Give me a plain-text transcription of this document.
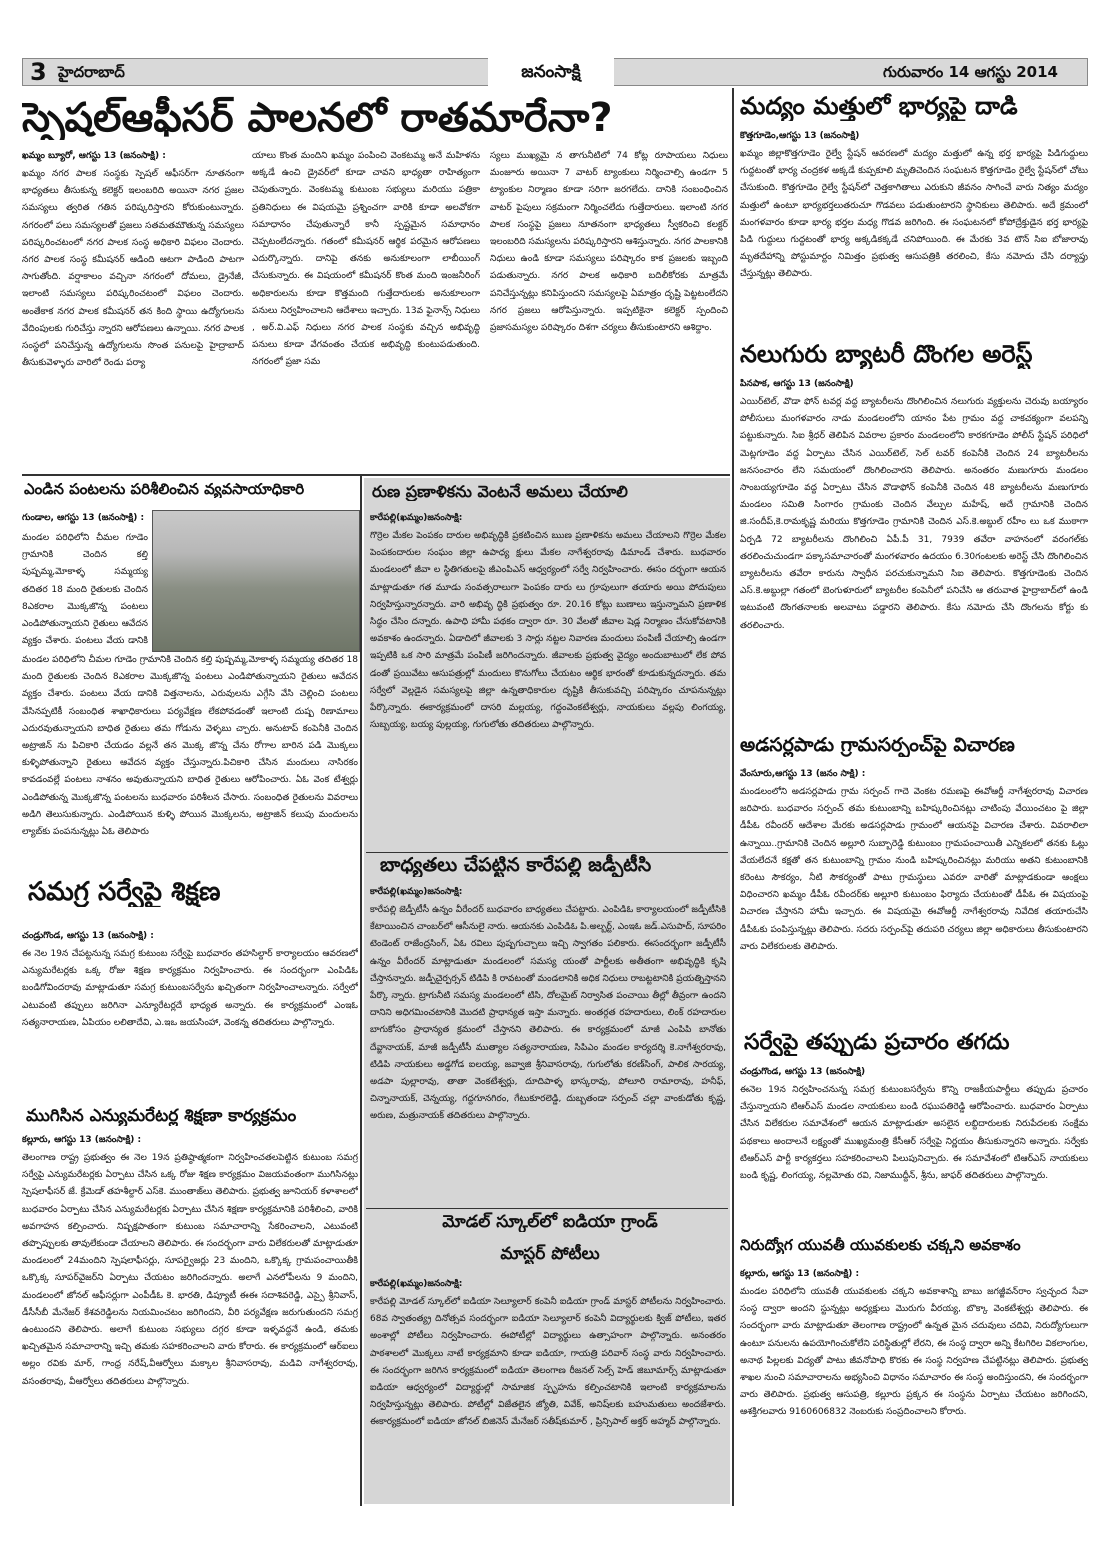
3 హైదరాబాద్	జనంసాక్షి	గురువారం 14 ఆగస్టు 2014
స్పెషల్‌ఆఫీసర్‌ పాలనలో రాతమారేనా?
ఖమ్మం బ్యూరో, ఆగస్టు 13 (జనంసాక్షి) :
ఖమ్మం నగర పాలక సంస్థకు స్పెషల్‌ ఆఫీసర్‌గా నూతనంగా భాధ్యతలు తీసుకున్న కలెక్టర్‌ ఇలంబరిది అయినా నగర ప్రజల సమస్యలు త్వరిత గతిన పరిష్కరిస్తారని కోరుకుంటున్నారు. నగరంలో పలు సమస్యలతో ప్రజలు సతమతమౌతున్న సమస్యలు పరిష్కరించటంలో నగర పాలక సంస్థ అధికారి విఫలం చెందారు. నగర పాలక సంస్థ కమీషనర్‌ ఆడింది ఆటగా పాడింది పాటగా సాగుతోంది. వర్షాకాలం వచ్చినా నగరంలో దోమలు, డ్రైనేజీ, ఇలాంటి సమస్యలు పరిష్కరించటంలో విఫలం చెందారు. అంతేకాక నగర పాలక కమీషనర్‌ తన కింది స్థాయి ఉద్యోగులను వేదింపులకు గురిచేస్తు న్నారని ఆరోపణలు ఉన్నాయి. నగర పాలక సంస్థలో పనిచేస్తున్న ఉద్యోగులను సొంత పనులపై హైద్రాబాద్‌ తీసుకువెళ్ళారు వారిలో రెండు పర్యా
యాలు కొంత మందిని ఖమ్మం పంపించి వెంకటమ్మ అనే మహిళను అక్కడే ఉంచి డ్రైవర్‌లో కూడా చావని భాధ్యతా రాహిత్యంగా చెపుతున్నారు. వెంకటమ్మ కుటుంబ సభ్యులు మరియు పత్రికా ప్రతినిధులు ఈ విషయమై ప్రశ్నించగా వారికి కూడా అలవోకగా సమాధానం చేపుతున్నారే కానీ స్పష్టమైన సమాధానం చెప్పటంలేదన్నారు. గతంలో కమీషనర్‌ ఆర్థిక పరమైన ఆరోపణలు ఎదుర్కొన్నారు. దానిపై తనకు అనుకూలంగా లాబీయింగ్‌ చేసుకున్నారు. ఈ విషయంలో కమీషనర్‌ కొంత మంది ఇంజనీరింగ్‌ అధికారులను కూడా కొత్తమంది గుత్తేదారులకు అనుకూలంగా పనులు నిర్వహించాలని ఆదేశాలు ఇచ్చారు. 13వ ఫైనాన్స్‌ నిధులు , అర్‌.వి.ఎఫ్‌ నిధులు నగర పాలక సంస్థకు వచ్చిన అభివృద్ధి పనులు కూడా వేగవంతం చేయక అభివృద్ది కుంటుపడుతుంది. నగరంలో ప్రజా సమ
స్యలు ముఖ్యమై న తాగునీటిలో 74 కోట్ల రూపాయలు నిధులు మంజూరు అయినా 7 వాటర్‌ ట్యాంకులు నిర్మించాల్సి ఉండగా 5 ట్యాంకుల నిర్మాణం కూడా సరిగా జరగలేదు. దానికి సంబంధించిన వాటర్‌ పైపులు సక్రమంగా నిర్మించలేదు గుత్తేదారులు. ఇలాంటి నగర పాలక సంస్థపై ప్రజలు నూతనంగా భాధ్యతలు స్వీకరించి కలక్టర్‌ ఇలంబరిది సమస్యలను పరిష్కరిస్తారని ఆశిస్తున్నారు. నగర పాలకానికి నిధులు ఉండి కూడా సమస్యలు పరిష్కారం కాక ప్రజలకు ఇబ్బంది పడుతున్నారు. నగర పాలక అధికారి బదిలీకోరకు మాత్రమే పనిచేస్తున్నట్లు కనిపిస్తుందని సమస్యలపై ఏమాత్రం దృష్టి పెట్టటంలేదని నగర ప్రజలు ఆరోపిస్తున్నారు. ఇప్పటికైనా కలెక్టర్‌ స్పందించి ప్రజాసమస్యల పరిష్కారం దిశగా చర్యలు తీసుకుంటారని ఆశిద్దాం.
ఎండిన పంటలను పరిశీలించిన వ్యవసాయాధికారి
గుండాల, ఆగస్టు 13 (జనంసాక్షి) :
మండల పరిధిలోని చీమల గూడెం గ్రామానికి చెందిన కల్తి పుష్పమ్మ,మోకాళ్ళ సమ్మయ్య తదితర 18 మంది రైతులకు చెందిన 8ఎకరాల మొక్కజొన్న పంటలు ఎండిపోతున్నాయని రైతులు ఆవేదన వ్యక్తం చేశారు. పంటలు వేయ డానికి
మండల పరిధిలోని చీమల గూడెం గ్రామానికి చెందిన కల్తి పుష్పమ్మ,మోకాళ్ళ సమ్మయ్య తదితర 18 మంది రైతులకు చెందిన 8ఎకరాల మొక్కజొన్న పంటలు ఎండిపోతున్నాయని రైతులు ఆవేదన వ్యక్తం చేశారు. పంటలు వేయ డానికి విత్తనాలను, ఎరువులను ఎగ్గేసి వేసి చెల్లించి పంటలు వేసినప్పటికీ సంబంధిత శాఖాధికారులు పర్యవేక్షణ లేకపోవడంతో ఇలాంటి దుష్ప రిణామాలు ఎదురవుతున్నాయని బాధిత రైతులు తమ గోడును వెళ్ళబు చ్చారు. అనుటాప్‌ కంపెనీకి చెందిన అట్రాజిన్‌ ను పిచికారి చేయడం వల్లనే తన మొక్క జొన్న చేను రోగాల బారిన పడి మొక్కలు కుళ్ళిపోతున్నాని రైతులు ఆవేదన వ్యక్తం చేస్తున్నారు.పిచికారి చేసిన మందులు నాసిరకం కావడంవల్లే పంటలు నాశనం అవుతున్నాయని బాధిత రైతులు ఆరోపించారు. ఏఓ వెంక టేశ్వర్లు ఎండిపోతున్న మొక్కజొన్న పంటలను బుధవారం పరిశీలన చేసారు. సంబంధిత రైతులను వివరాలు అడిగి తెలుసుకున్నారు. ఎండిపోయిన కుళ్ళి పోయిన మొక్కలను, అట్రాజిన్‌ కలుపు మందులను ల్యాబ్‌కు పంపనున్నట్లు ఏఓ తెలిపారు
సమగ్ర సర్వేపై శిక్షణ
చండ్రుగొండ, ఆగస్టు 13 (జనంసాక్షి) :
ఈ నెల 19న చేపట్టనున్న సమగ్ర కుటుంబ సర్వేపై బుధవారం తహసిల్దార్‌ కార్యాలయం ఆవరణలో ఎన్యుమరేటర్లకు ఒక్క రోజు శిక్షణ కార్యక్రమం నిర్వహించారు. ఈ సందర్భంగా ఎంపిడిఓ బండిగోవిందరావు మాట్లాడుతూ సమగ్ర కుటుంబసర్వేను ఖచ్చితంగా నిర్వహించాలన్నారు. సర్వేలో ఎటువంటి తప్పులు జరిగినా ఎన్యూరేటర్లదే భాధ్యత అన్నారు. ఈ కార్యక్రమంలో ఎంఇఓ సత్యనారాయణ, ఏపియం లలితాదేవి, ఎ.ఇఒ జయసింహా, వెంకన్న తదితరులు పాల్గొన్నారు.
ముగిసిన ఎన్యుమరేటర్ల శిక్షణా కార్యక్రమం
కల్లూరు, ఆగస్టు 13 (జనంసాక్షి) :
తెలంగాణ రాష్ట్ర ప్రభుత్వం ఈ నెల 19న ప్రతిష్ఠాత్మకంగా నిర్వహించతలపెట్టిన కుటుంబ సమగ్ర సర్వేపై ఎన్యుమరేటర్లకు ఏర్పాటు చేసిన ఒక్క రోజు శిక్షణ కార్యక్రమం విజయవంతంగా ముగిసినట్లు స్పెషలాఫీసర్‌ జే. క్రేమెడా్‌ తహశీల్దార్‌ ఎస్‌కె. ముంతాజ్‌లు తెలిపారు. ప్రభుత్వ జూనియర్‌ కళాశాలలో బుధవారం ఏర్పాటు చేసిన ఎన్యుమరేటర్లకు ఏర్పాటు చేసిన శిక్షణా కార్యక్రమానికి పరిశీలించి, వారికి అవగాహన కల్పించారు. నిష్పక్షపాతంగా కుటుంబ సమాచారాన్ని సేకరించాలని, ఎటువంటి తప్పొప్పులకు తావులేకుండా చేయాలని తెలిపారు. ఈ సందర్భంగా వారు విలేకరులతో మాట్లాడుతూ మండలంలో 24మందిని స్పెషలాఫీసర్లు, సూపర్వైజర్లు 23 మందిని, ఒక్కొక్క గ్రామపంచాయితీకి ఒక్కొక్క సూపర్‌వైజర్‌ని ఏర్పాటు చేయటం జరిగిందన్నారు. అలాగే ఎనలోపీలను 9 మందిని, మండలంలో జోనల్‌ ఆఫీసర్లుగా ఎంపీడీఓ కె. భారతి, డిప్యూటీ ఈఈ సదాశివరెడ్డి, ఎస్పై శ్రీనివాస్‌, డీసీసీబీ మేనేజర్‌ కేశవరెడ్డిలను నియమించటం జరిగిందని, వీరి పర్యవేక్షణ జరుగుతుందని సమగ్ర ఉంటుందని తెలిపారు. అలాగే కుటుంబ సభ్యులు దగ్గర కూడా ఇళ్ళవద్దనే ఉండి, తమకు ఖచ్చితమైన సమాచారాన్ని ఇచ్చి తమకు సహకరించాలని వారు కోరారు. ఈ కార్యక్రమంలో ఆర్‌ఐలు అల్లం రవికు మార్‌, గాంధ్ర నరేష్‌,వీఆర్వోలు మక్కాల శ్రీనివాసరావు, మడివి నాగేశ్వరరావు, వసంతరావు, వీఆర్వోలు తదితరులు పాల్గొన్నారు.
రుణ ప్రణాళికను వెంటనే అమలు చేయాలి
కారేపల్లి(ఖమ్మం)జనంసాక్షి:
గొర్రెల మేకల పెంపకం దారుల అభివృద్ధికి ప్రకటించిన ఋణ ప్రణాళికను అమలు చేయాలని గొర్రెల మేకల పెంపకందారుల సంఘం జిల్లా ఉపాధ్య క్షులు మేకల నాగేశ్వరరావు డిమాండ్‌ చేశారు. బుధవారం మండలంలో జీవా ల స్థితిగతులపై జీఎంపిఎస్‌ ఆధ్వర్యంలో సర్వే నిర్వహించారు. ఈసం దర్భంగా ఆయన మాట్లాడుతూ గత మూడు సంవత్సరాలుగా పెంపకం దారు లు గ్రూపులుగా తయారు అయి పోదుపులు నిర్వహిస్తున్నారన్నారు. వారి అభివృ ద్ధికి ప్రభుత్వం రూ. 20.16 కోట్లు బుణాలు ఇస్తున్నామని ప్రణాళిక సిద్ధం చేసిం దన్నారు. ఉపాధి హామీ పథకం ద్వారా రూ. 30 వేలతో జీవాల షెడ్ల నిర్మాణం చేసుకోవటానికి అవకాశం ఉందన్నారు. ఏడాదిలో జీవాలకు 3 సార్లు నట్టల నివారణ మందులు పంపిణీ చేయాల్సి ఉండగా ఇప్పటికి ఒక సారి మాత్రమే పంపిణీ జరిగిందన్నారు. జీవాలకు ప్రభుత్వ వైద్యం అందుబాటులో లేక పోవ డంతో ప్రయివేటు ఆసుపత్రుల్లో మందులు కొనుగోలు చేయటం ఆర్థిక భారంతో కూడుకున్నదన్నారు. తమ సర్వేలో వెల్లడైన సమస్యలపై జిల్లా ఉన్నతాధికారుల దృష్టికి తీసుకువచ్చి పరిష్కారం చూపనున్నట్లు పేర్కొన్నారు. ఈకార్యక్రమంలో దాసరి మల్లయ్య, గద్దంవెంకటేశ్వర్లు, నాయకులు వల్లపు లింగయ్య, సుబ్బయ్య, బయ్య పుల్లయ్య, గుగులోతు తదితరులు పాల్గొన్నారు.
బాధ్యతలు చేపట్టిన కారేపల్లి జడ్పీటీసి
కారేపల్లి(ఖమ్మం)జనంసాక్షి:
కారేపల్లి జెడ్పీటీసీ ఉన్నం వీరేందర్‌ బుధవారం బాధ్యతలు చేపట్టారు. ఎంపిడిఓ కార్యాలయంలో జడ్పీటీసికి కేటాయించిన చాంబర్‌లో ఆసీనులై నారు. ఆయనకు ఎంపిడిఓ పి.అల్బర్ట్‌, ఎంఇఓ జడ్‌.ఎసుపాద్‌, సూపరిం టెండెంట్‌ రాజేంద్రసింగ్‌, ఏఓ రవిలు పుష్పగుచ్చాలు ఇచ్చి స్వాగతం పలికారు. ఈసందర్భంగా జడ్పీటీసీ ఉన్నం వీరేందర్‌ మాట్లాడుతూ మండలంలో సమస్య యంతో పార్టీలకు అతీతంగా అభివృద్ధికి కృషి చేస్తానన్నారు. జడ్పీచైర్పర్సన్‌ టిడిపి కి రావటంతో మండలానికి అధిక నిధులు రాబట్టటానికి ప్రయత్నిస్తానని పేర్కొ న్నారు. ట్రాగునీటి సమస్య మండలంలో టిసి, దోలమైట్‌ నిర్వాసిత పంచాయి తీల్లో తీవ్రంగా ఉందని దానిని అధిగమించటానికి మొదటి ప్రాధాన్యత ఇస్తా మన్నారు. అంతర్గత రహదారులు, లింక్‌ రహదారుల బాగుకోసం ప్రాధాన్యత క్రమంలో చేస్తానని తెలిపారు. ఈ కార్యక్రమంలో మాజీ ఎంపిపి బానోతు దేవ్జానాయక్‌, మాజీ జడ్పీటీసీ ముత్యాల సత్యనారాయణ, సిపిఎం మండల కార్యదర్శి కె.నాగేశ్వరరావు, టిడిపి నాయకులు అడ్డగోడ ఐలయ్య, జవ్వాజి శ్రీనివాసరావు, గుగులోతు కరణ్‌సింగ్‌, పాలిక సారయ్య, అడపా పుల్లారావు, తాతా వెంకటేశ్వర్లు, దూదిపాళ్ళ భాస్కరావు, పోలూరి రామారావు, హనీఫ్‌, చిన్నానాయక్‌, చెన్నయ్య, గద్దగూనగిరం, గేటుకూరలెడ్డి, దుబ్బతండా సర్పంచ్‌ చల్లా వాంకుడోతు కృష్ణ, అరుణ, మత్రునాయక్‌ తదితరులు పాల్గొన్నారు.
మోడల్‌ స్కూల్‌లో ఐడియా గ్రాండ్‌
మాస్టర్‌ పోటీలు
కారేపల్లి(ఖమ్మం)జనంసాక్షి:
కారేపల్లి మోడల్‌ స్కూల్‌లో ఐడియా సెల్యూలార్‌ కంపెనీ ఐడియా గ్రాండ్‌ మాస్టర్‌ పోటీలను నిర్వహించారు. 68వ స్వాతంత్య్ర దినోత్సవ సందర్భంగా ఐడియా సెల్యూలార్‌ కంపెనీ విద్యార్థులకు క్విజ్‌ పోటీలు, ఇతర అంశాల్లో పోటీలు నిర్వహించారు. ఈపోటీల్లో విద్యార్థులు ఉత్సాహంగా పాల్గొన్నారు. అనంతరం పాఠశాలలో మొక్కలు నాటే కార్యక్రమాని కూడా ఐడియా, గాయత్రి పరివార్‌ సంస్థ వారు నిర్వహించారు. ఈ సందర్భంగా జరిగిన కార్యక్రమంలో ఐడియా తెలంగాణ రీజనల్‌ సెల్స్‌ హెడ్‌ జిబూమార్స్‌ మాట్లాడుతూ ఐడియా ఆధ్వర్యంలో విద్యార్థుల్లో సామాజిక స్పృహను కల్పించటానికి ఇలాంటి కార్యక్రమాలను నిర్వహిస్తున్నట్లు తెలిపారు. పోటీల్లో విజేతలైన జ్యోతి, వివేక్‌, అనిష్‌లకు బహుమతులు అందజేశారు. ఈకార్యక్రమంలో ఐడియా జోనల్‌ బిజినెస్‌ మేనేజర్‌ సతీష్‌కుమార్‌ , ప్రిన్సిపాల్‌ అక్తర్‌ అహ్మద్‌ పాల్గొన్నారు.
మద్యం మత్తులో భార్యపై దాడి
కొత్తగూడెం,ఆగస్టు 13 (జనంసాక్షి)
ఖమ్మం జిల్లాకొత్తగూడెం రైల్వే స్టేషన్‌ ఆవరణలో మద్యం మత్తులో ఉన్న భర్త భార్యపై పిడిగుద్దులు గుద్దటంతో భార్య చంద్రకళ అక్కడే కుప్పకూలి మృతిచెందిన సంఘటన కొత్తగూడెం రైల్వే స్టేషన్‌లో చోటు చేసుకుంది. కొత్తగూడెం రైల్వే స్టేషన్‌లో చెత్తకాగితాలు ఎరుకుని జీవనం సాగించే వారు నిత్యం మద్యం మత్తులో ఉంటూ భార్యభర్తలుతరుచూ గొడవలు పడుతుంటారని స్థానికులు తెలిపారు. అదే క్రమంలో మంగళవారం కూడా భార్య భర్తల మధ్య గొడవ జరిగింది. ఈ సంఘటనలో కోపోద్రేక్తుడైన భర్త భార్యపై పిడి గుద్దులు గుద్దటంతో భార్య అక్కడికక్కడే చనిపోయింది. ఈ మేరకు 3వ టౌన్‌ సిఐ బోజారావు మృతదేహాన్ని పోస్టుమార్టం నిమిత్తం ప్రభుత్వ ఆసుపత్రికి తరలించి, కేసు నమోదు చేసి దర్యాప్తు చేస్తున్నట్లు తెలిపారు.
నలుగురు బ్యాటరీ దొంగల అరెస్ట్‌
పినపాక, ఆగస్టు 13 (జనంసాక్షి)
ఎయిర్‌టెల్‌, వొడా ఫోన్‌ టవర్ల వద్ద బ్యాటరీలను దొంగిలించిన నలుగురు వ్యక్తులను చెరువు బయ్యారం పోలీసులు మంగళవారం నాడు మండలంలోని యానం పేట గ్రామం వద్ద చాకచక్యంగా వలపన్ని పట్టుకున్నారు. సిఐ శ్రీధర్‌ తెలిపిన వివరాల ప్రకారం మండలంలోని కారకగూడెం పోలీస్‌ స్టేషన్‌ పరిధిలో మెట్లగూడెం వద్ద ఏర్పాటు చేసిన ఎయిర్‌టెల్‌, సెల్‌ టవర్‌ కంపెనీకి చెందిన 24 బ్యాటరీలను జనసంచారం లేని సమయంలో దొంగిలించారని తెలిపారు. అనంతరం మణుగూరు మండలం సాంబయ్యగూడెం వద్ద ఏర్పాటు చేసిన వొడాఫోన్‌ కంపెనీకి చెందిన 48 బ్యాటరీలను మణుగూరు మండలం సమితి సింగారం గ్రామంకు చెందిన వేల్పుల మహేష్‌, అదే గ్రామానికి చెందిన జి.సందీప్‌,కె.రామకృష్ణ మరియు కొత్తగూడెం గ్రామానికి చెందిన ఎస్‌.కె.అబ్దుల్‌ రహీం లు ఒక ముఠాగా ఏర్పడి 72 బ్యాటరీలను దొంగిలించి ఏపీ.పీ 31, 7939 తవేరా వాహనంలో వరంగల్‌కు తరలించుచుండగా పక్కాసమాచారంతో మంగళవారం ఉదయం 6.30గంటలకు అరెస్ట్‌ చేసి దొంగిలించిన బ్యాటరీలను తవేరా కారును స్వాధీన పరచుకున్నామని సిఐ తెలిపారు. కొత్తగూడెంకు చెందిన ఎస్‌.కె.అబ్దుల్లా గతంలో బెంగుళూరులో బ్యాటరీల కంపెనీలో పనిచేసి ఆ తరువాత హైద్రాబాద్‌లో ఉండి ఇటువంటి దొంగతనాలకు అలవాటు పడ్డారని తెలిపారు. కేసు నమోదు చేసి దొంగలను కోర్టు కు తరలించారు.
అడసర్లపాడు గ్రామసర్పంచ్‌పై విచారణ
వేంసూరు,ఆగస్టు 13 (జనం సాక్షి) :
మండలంలోని అడసర్లపాడు గ్రామ సర్పంచ్‌ గాదె వెంకట రమణపై ఈవోఆర్డీ నాగేశ్వరరావు విచారణ జరిపారు. బుధవారం సర్పంచ్‌ తమ కుటుంబాన్ని బహిష్కరించినట్లు చాటింపు వేయించటం పై జిల్లా డీపీఓ రవీందర్‌ ఆదేశాల మేరకు అడసర్లపాడు గ్రామంలో ఆయనపై విచారణ చేశారు. వివరాలిలా ఉన్నాయి..గ్రామానికి చెందిన అల్లూరి సుబ్బారెడ్డి కుటుంబం గ్రామపంచాయితీ ఎన్నికలలో తనకు ఓట్లు వేయలేదనే కక్షతో తన కుటుంబాన్ని గ్రామం నుండి బహిష్కరించినట్లు మరియు అతని కుటుంబానికి కరెంటు సౌకర్యం, నీటి సౌకర్యంతో పాటు గ్రామస్థులు ఎవరూ వారితో మాట్లాడకుండా ఆంక్షలు విధించారని ఖమ్మం డీపీఓ రవీందర్‌కు అల్లూరి కుటుంబం ఫిర్యాదు చేయటంతో డీపీఓ ఈ విషయంపై విచారణ చేస్తానని హామీ ఇచ్చారు. ఈ విషయమై ఈవోఆర్డీ నాగేశ్వరరావు నివేదిక తయారుచేసి డీపీఓకు పంపిస్తున్నట్లు తెలిపారు. సదరు సర్పంచ్‌పై తదుపరి చర్యలు జిల్లా అధికారులు తీసుకుంటారని వారు విలేకరులకు తెలిపారు.
సర్వేపై తప్పుడు ప్రచారం తగదు
చండ్రుగొండ, ఆగస్టు 13 (జనంసాక్షి)
ఈనెల 19న నిర్వహించనున్న సమగ్ర కుటుంబసర్వేను కొన్ని రాజకీయపార్టీలు తప్పుడు ప్రచారం చేస్తున్నాయని టిఆర్‌ఎస్‌ మండల నాయకులు బండి రఘుపతిరెడ్డి ఆరోపించారు. బుధవారం ఏర్పాటు చేసిన విలేకరుల సమావేశంలో ఆయన మాట్లాడుతూ అసలైన లబ్దిదారులకు నిరుపేదలకు సంక్షేమ పథకాలు అందాలనే లక్ష్యంతో ముఖ్యమంత్రి కేసీఆర్‌ సర్వేపై నిర్ణయం తీసుకున్నారని అన్నారు. సర్వేకు టిఆర్‌ఎస్‌ పార్టీ కార్యకర్తలు సహకరించాలని పిలుపునిచ్చారు. ఈ సమావేశంలో టిఆర్‌ఎస్‌ నాయకులు బండి కృష్ణ, లింగయ్య, నల్లమోతు రవి, నిజాముద్దీన్‌, శ్రీను, జాఫర్‌ తదితరులు పాల్గొన్నారు.
నిరుద్యోగ యువతీ యువకులకు చక్కని అవకాశం
కల్లూరు, ఆగస్టు 13 (జనంసాక్షి) :
మండల పరిధిలోని యువతీ యువకులకు చక్కని అవకాశాన్ని బాబు జగజ్జీవన్‌రాం స్వచ్ఛంద సేవా సంస్థ ద్వారా అందని స్టున్నట్లు అధ్యక్షులు మొరుగు వీరయ్య, బొక్కా వెంకటేశ్వర్లు తెలిపారు. ఈ సందర్భంగా వారు మాట్లాడుతూ తెలంగాణ రాష్ట్రంలో ఉన్నత మైన చదువులు చదివి, నిరుద్యోగులుగా ఉంటూ పనులను ఉపయోగించుకోలేని పరిస్థితుల్లో లేరని, ఈ సంస్థ ద్వారా అన్ని కేటగిరిల వికలాంగుల, అనాథ పిల్లలకు విద్యతో పాటు జీవనోపాధి కొరకు ఈ సంస్థ నిర్వహణ చేపట్టినట్లు తెలిపారు. ప్రభుత్వ శాఖల నుంచి సమాచారాలను అభ్యసించి విధానం సమాచారం ఈ సంస్థ అందిస్తుందని, ఈ సందర్భంగా వారు తెలిపారు. ప్రభుత్వ ఆసుపత్రి, కల్లూరు ప్రక్కన ఈ సంస్థను ఏర్పాటు చేయటం జరిగిందని, ఆశక్తిగలవారు 9160606832 నెంబరుకు సంప్రదించాలని కోరారు.
